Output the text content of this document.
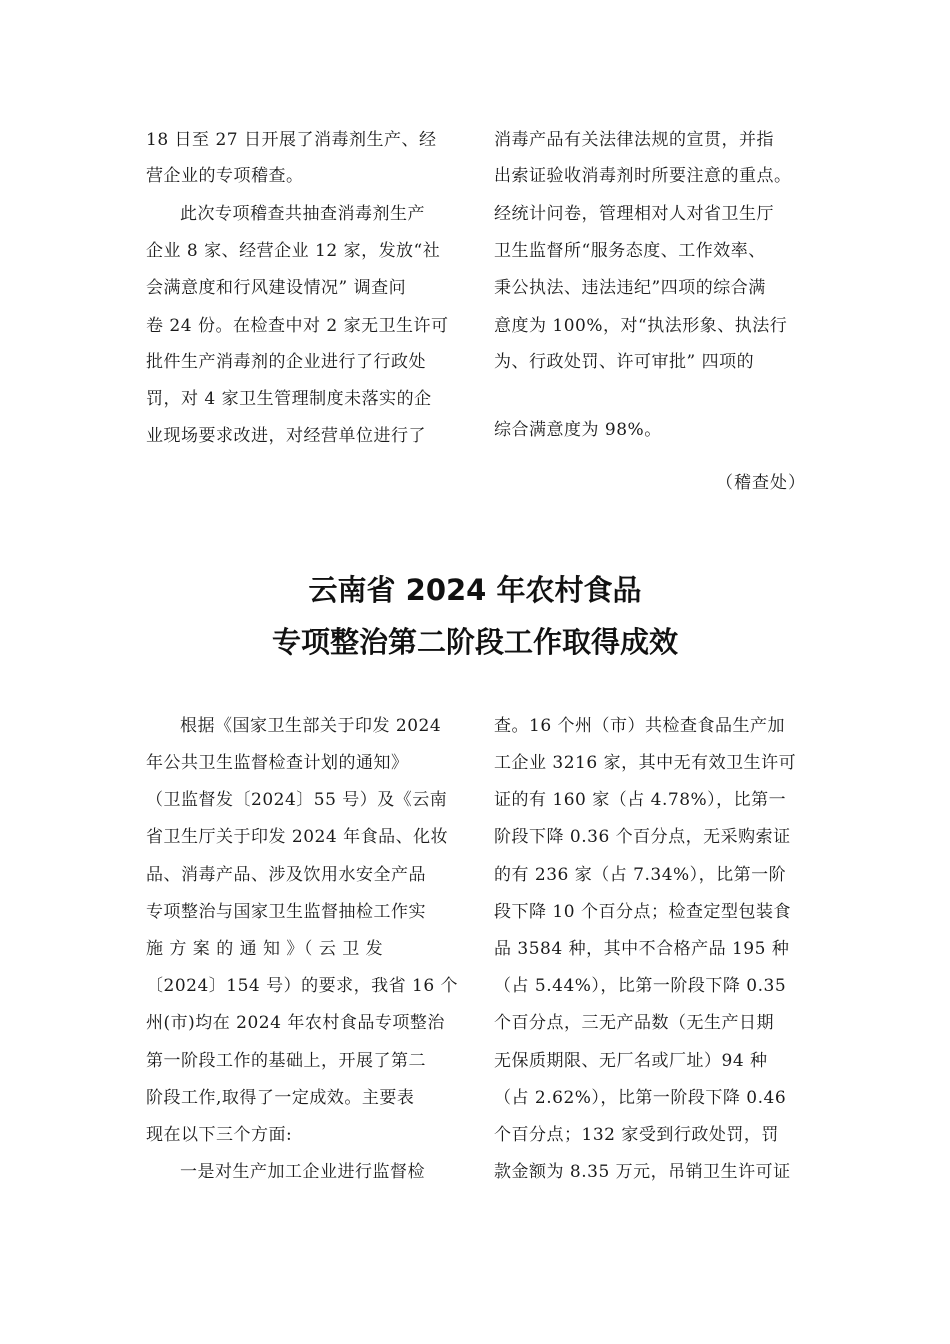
18 日至 27 日开展了消毒剂生产、经
营企业的专项稽查。
此次专项稽查共抽查消毒剂生产
企业 8 家、经营企业 12 家，发放“社
会满意度和行风建设情况” 调查问
卷 24 份。在检查中对 2 家无卫生许可
批件生产消毒剂的企业进行了行政处
罚，对 4 家卫生管理制度未落实的企
业现场要求改进，对经营单位进行了
消毒产品有关法律法规的宣贯，并指
出索证验收消毒剂时所要注意的重点。
经统计问卷，管理相对人对省卫生厅
卫生监督所“服务态度、工作效率、
秉公执法、违法违纪”四项的综合满
意度为 100%，对“执法形象、执法行
为、行政处罚、许可审批” 四项的
综合满意度为 98%。
（稽查处）
云南省 2024 年农村食品
专项整治第二阶段工作取得成效
根据《国家卫生部关于印发 2024
年公共卫生监督检查计划的通知》
（卫监督发〔2024〕55 号）及《云南
省卫生厅关于印发 2024 年食品、化妆
品、消毒产品、涉及饮用水安全产品
专项整治与国家卫生监督抽检工作实
施 方 案 的 通 知 》（ 云 卫 发
〔2024〕154 号）的要求，我省 16 个
州(市)均在 2024 年农村食品专项整治
第一阶段工作的基础上，开展了第二
阶段工作,取得了一定成效。主要表
现在以下三个方面:
一是对生产加工企业进行监督检
查。16 个州（市）共检查食品生产加
工企业 3216 家，其中无有效卫生许可
证的有 160 家（占 4.78%），比第一
阶段下降 0.36 个百分点，无采购索证
的有 236 家（占 7.34%），比第一阶
段下降 10 个百分点；检查定型包装食
品 3584 种，其中不合格产品 195 种
（占 5.44%），比第一阶段下降 0.35
个百分点，三无产品数（无生产日期
无保质期限、无厂名或厂址）94 种
（占 2.62%），比第一阶段下降 0.46
个百分点；132 家受到行政处罚，罚
款金额为 8.35 万元，吊销卫生许可证
